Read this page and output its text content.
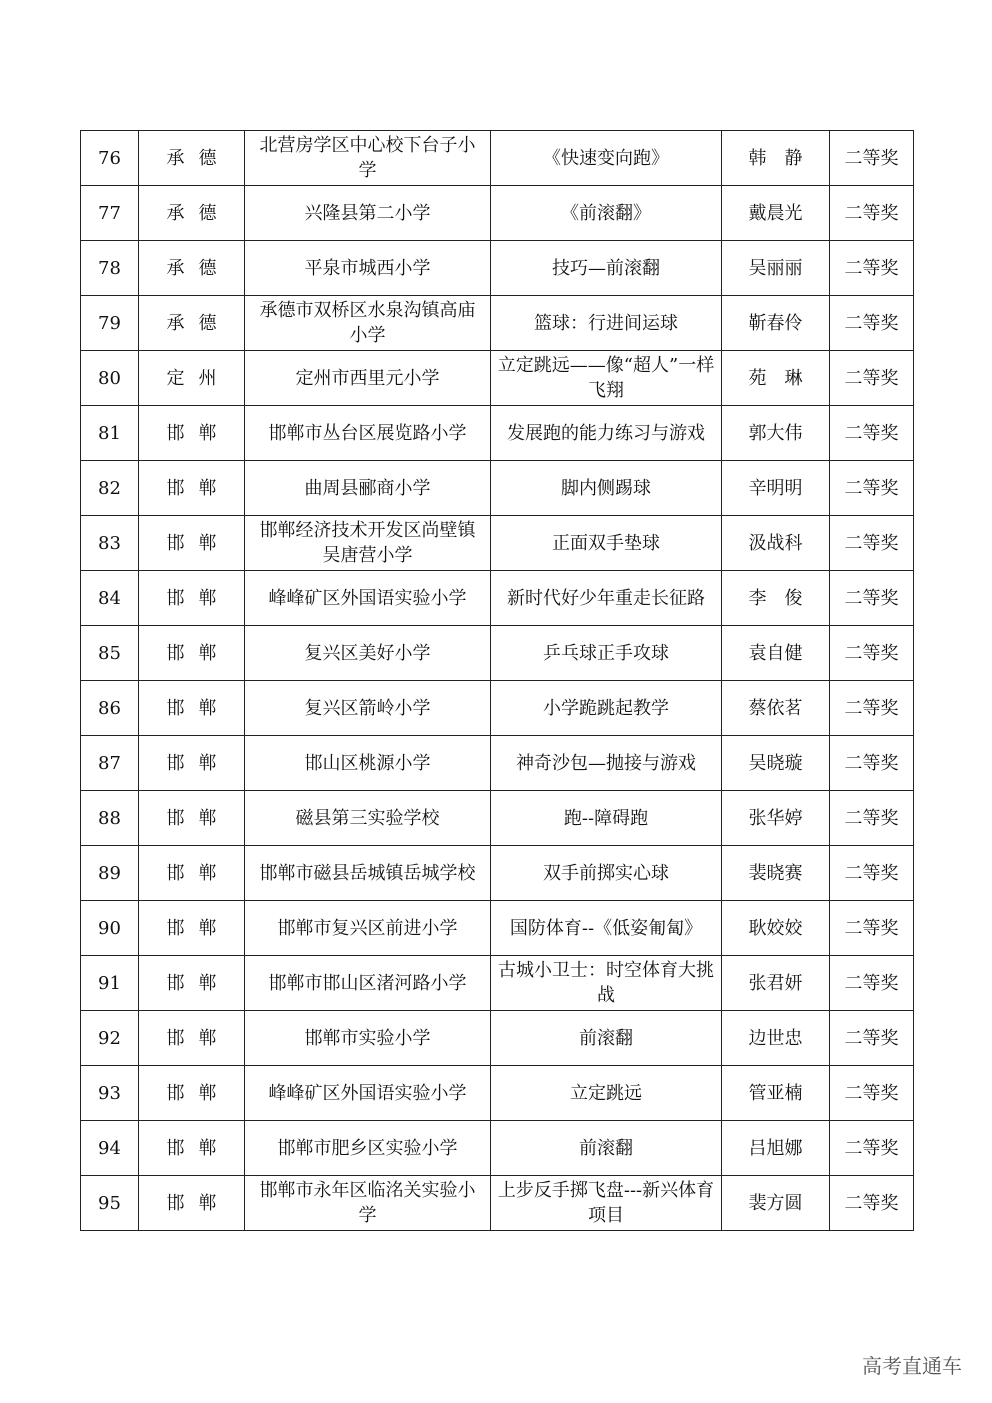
76	承德	北营房学区中心校下台子小学	《快速变向跑》	韩　静	二等奖
77	承德	兴隆县第二小学	《前滚翻》	戴晨光	二等奖
78	承德	平泉市城西小学	技巧—前滚翻	吴丽丽	二等奖
79	承德	承德市双桥区水泉沟镇高庙小学	篮球：行进间运球	靳春伶	二等奖
80	定州	定州市西里元小学	立定跳远——像“超人”一样飞翔	苑　琳	二等奖
81	邯郸	邯郸市丛台区展览路小学	发展跑的能力练习与游戏	郭大伟	二等奖
82	邯郸	曲周县郦商小学	脚内侧踢球	辛明明	二等奖
83	邯郸	邯郸经济技术开发区尚壁镇吴唐营小学	正面双手垫球	汲战科	二等奖
84	邯郸	峰峰矿区外国语实验小学	新时代好少年重走长征路	李　俊	二等奖
85	邯郸	复兴区美好小学	乒乓球正手攻球	袁自健	二等奖
86	邯郸	复兴区箭岭小学	小学跪跳起教学	蔡依茗	二等奖
87	邯郸	邯山区桃源小学	神奇沙包—抛接与游戏	吴晓璇	二等奖
88	邯郸	磁县第三实验学校	跑--障碍跑	张华婷	二等奖
89	邯郸	邯郸市磁县岳城镇岳城学校	双手前掷实心球	裴晓赛	二等奖
90	邯郸	邯郸市复兴区前进小学	国防体育--《低姿匍匐》	耿姣姣	二等奖
91	邯郸	邯郸市邯山区渚河路小学	古城小卫士：时空体育大挑战	张君妍	二等奖
92	邯郸	邯郸市实验小学	前滚翻	边世忠	二等奖
93	邯郸	峰峰矿区外国语实验小学	立定跳远	管亚楠	二等奖
94	邯郸	邯郸市肥乡区实验小学	前滚翻	吕旭娜	二等奖
95	邯郸	邯郸市永年区临洺关实验小学	上步反手掷飞盘---新兴体育项目	裴方圆	二等奖
高考直通车
